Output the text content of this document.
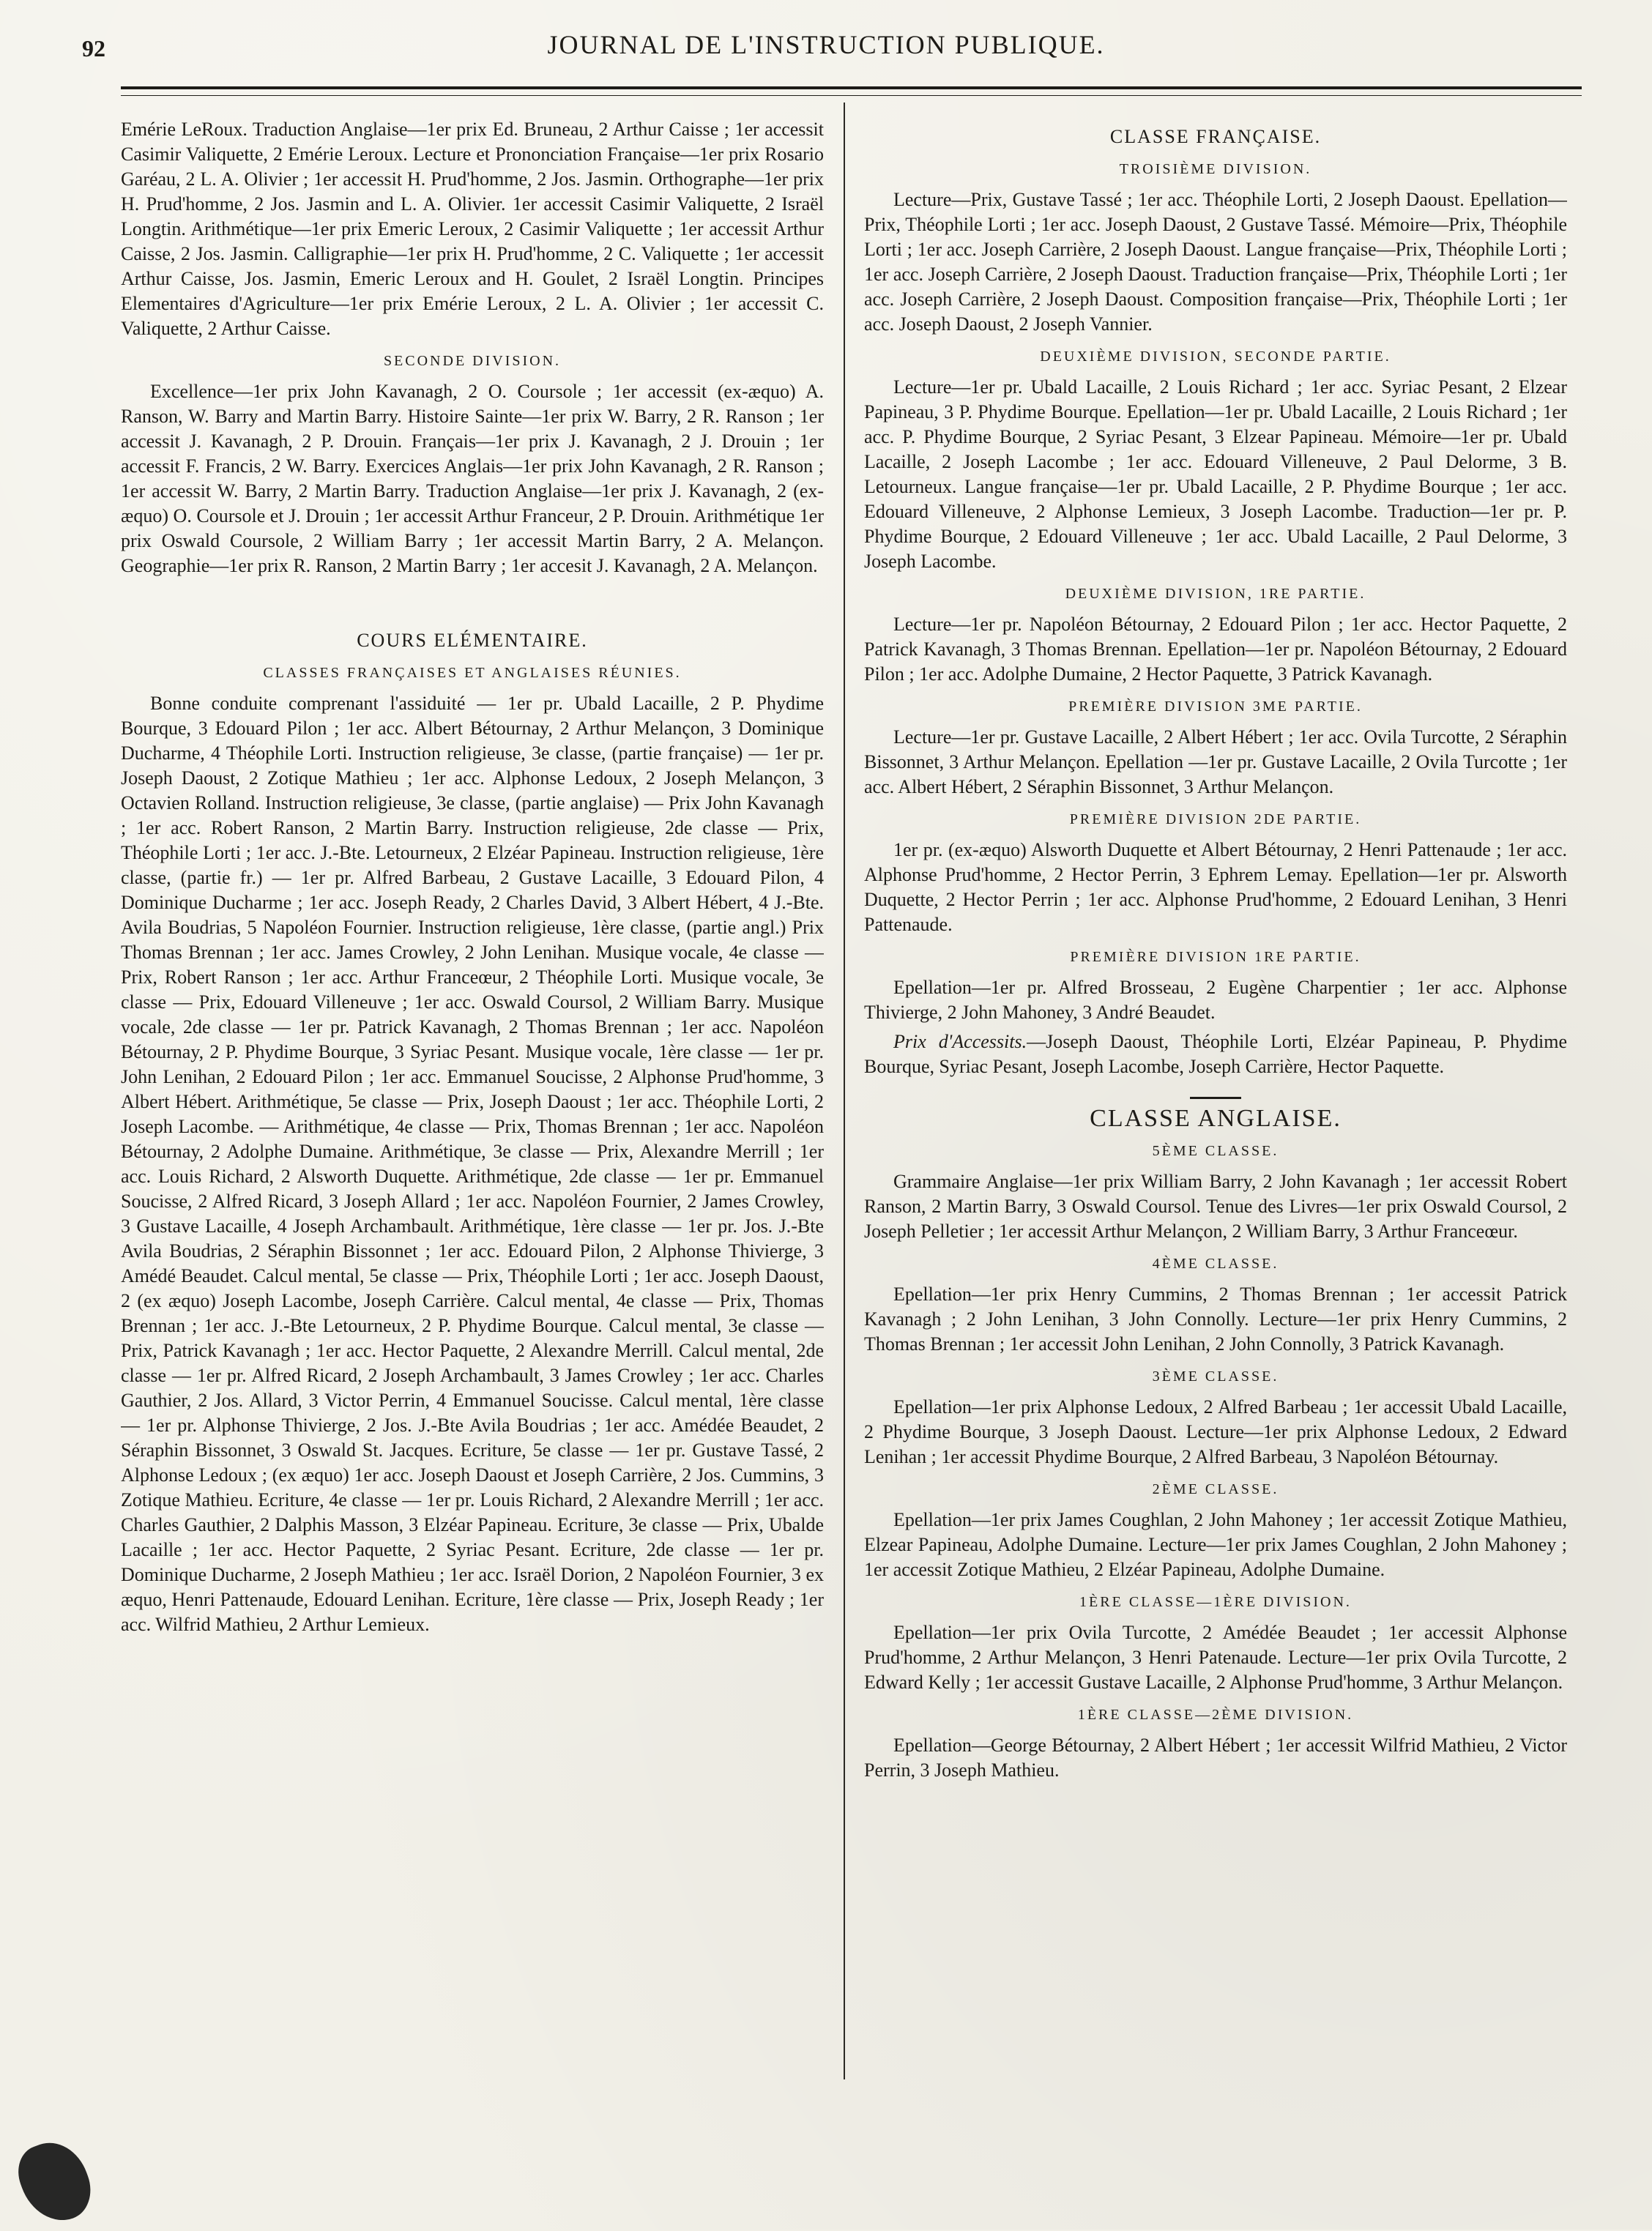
92	JOURNAL DE L'INSTRUCTION PUBLIQUE.

Emérie LeRoux. Traduction Anglaise—1er prix Ed. Bruneau, 2 Arthur Caisse ; 1er accessit Casimir Valiquette, 2 Emérie Leroux. Lecture et Prononciation Française—1er prix Rosario Garéau, 2 L. A. Olivier ; 1er accessit H. Prud'homme, 2 Jos. Jasmin. Orthographe—1er prix H. Prud'homme, 2 Jos. Jasmin and L. A. Olivier. 1er accessit Casimir Valiquette, 2 Israël Longtin. Arithmétique—1er prix Emeric Leroux, 2 Casimir Valiquette ; 1er accessit Arthur Caisse, 2 Jos. Jasmin. Calligraphie—1er prix H. Prud'homme, 2 C. Valiquette ; 1er accessit Arthur Caisse, Jos. Jasmin, Emeric Leroux and H. Goulet, 2 Israël Longtin. Principes Elementaires d'Agriculture—1er prix Emérie Leroux, 2 L. A. Olivier ; 1er accessit C. Valiquette, 2 Arthur Caisse.

SECONDE DIVISION.

Excellence—1er prix John Kavanagh, 2 O. Coursole ; 1er accessit (ex-æquo) A. Ranson, W. Barry and Martin Barry. Histoire Sainte—1er prix W. Barry, 2 R. Ranson ; 1er accessit J. Kavanagh, 2 P. Drouin. Français—1er prix J. Kavanagh, 2 J. Drouin ; 1er accessit F. Francis, 2 W. Barry. Exercices Anglais—1er prix John Kavanagh, 2 R. Ranson ; 1er accessit W. Barry, 2 Martin Barry. Traduction Anglaise—1er prix J. Kavanagh, 2 (ex-æquo) O. Coursole et J. Drouin ; 1er accessit Arthur Franceur, 2 P. Drouin. Arithmétique 1er prix Oswald Coursole, 2 William Barry ; 1er accessit Martin Barry, 2 A. Melançon. Geographie—1er prix R. Ranson, 2 Martin Barry ; 1er accesit J. Kavanagh, 2 A. Melançon.

COURS ELÉMENTAIRE.
CLASSES FRANÇAISES ET ANGLAISES RÉUNIES.

Bonne conduite comprenant l'assiduité — 1er pr. Ubald Lacaille, 2 P. Phydime Bourque, 3 Edouard Pilon ; 1er acc. Albert Bétournay, 2 Arthur Melançon, 3 Dominique Ducharme, 4 Théophile Lorti. Instruction religieuse, 3e classe, (partie française) — 1er pr. Joseph Daoust, 2 Zotique Mathieu ; 1er acc. Alphonse Ledoux, 2 Joseph Melançon, 3 Octavien Rolland. Instruction religieuse, 3e classe, (partie anglaise) — Prix John Kavanagh ; 1er acc. Robert Ranson, 2 Martin Barry. Instruction religieuse, 2de classe — Prix, Théophile Lorti ; 1er acc. J.-Bte. Letourneux, 2 Elzéar Papineau. Instruction religieuse, 1ère classe, (partie fr.) — 1er pr. Alfred Barbeau, 2 Gustave Lacaille, 3 Edouard Pilon, 4 Dominique Ducharme ; 1er acc. Joseph Ready, 2 Charles David, 3 Albert Hébert, 4 J.-Bte. Avila Boudrias, 5 Napoléon Fournier. Instruction religieuse, 1ère classe, (partie angl.) Prix Thomas Brennan ; 1er acc. James Crowley, 2 John Lenihan. Musique vocale, 4e classe — Prix, Robert Ranson ; 1er acc. Arthur Franceœur, 2 Théophile Lorti. Musique vocale, 3e classe — Prix, Edouard Villeneuve ; 1er acc. Oswald Coursol, 2 William Barry. Musique vocale, 2de classe — 1er pr. Patrick Kavanagh, 2 Thomas Brennan ; 1er acc. Napoléon Bétournay, 2 P. Phydime Bourque, 3 Syriac Pesant. Musique vocale, 1ère classe — 1er pr. John Lenihan, 2 Edouard Pilon ; 1er acc. Emmanuel Soucisse, 2 Alphonse Prud'homme, 3 Albert Hébert. Arithmétique, 5e classe — Prix, Joseph Daoust ; 1er acc. Théophile Lorti, 2 Joseph Lacombe. — Arithmétique, 4e classe — Prix, Thomas Brennan ; 1er acc. Napoléon Bétournay, 2 Adolphe Dumaine. Arithmétique, 3e classe — Prix, Alexandre Merrill ; 1er acc. Louis Richard, 2 Alsworth Duquette. Arithmétique, 2de classe — 1er pr. Emmanuel Soucisse, 2 Alfred Ricard, 3 Joseph Allard ; 1er acc. Napoléon Fournier, 2 James Crowley, 3 Gustave Lacaille, 4 Joseph Archambault. Arithmétique, 1ère classe — 1er pr. Jos. J.-Bte Avila Boudrias, 2 Séraphin Bissonnet ; 1er acc. Edouard Pilon, 2 Alphonse Thivierge, 3 Amédé Beaudet. Calcul mental, 5e classe — Prix, Théophile Lorti ; 1er acc. Joseph Daoust, 2 (ex æquo) Joseph Lacombe, Joseph Carrière. Calcul mental, 4e classe — Prix, Thomas Brennan ; 1er acc. J.-Bte Letourneux, 2 P. Phydime Bourque. Calcul mental, 3e classe — Prix, Patrick Kavanagh ; 1er acc. Hector Paquette, 2 Alexandre Merrill. Calcul mental, 2de classe — 1er pr. Alfred Ricard, 2 Joseph Archambault, 3 James Crowley ; 1er acc. Charles Gauthier, 2 Jos. Allard, 3 Victor Perrin, 4 Emmanuel Soucisse. Calcul mental, 1ère classe — 1er pr. Alphonse Thivierge, 2 Jos. J.-Bte Avila Boudrias ; 1er acc. Amédée Beaudet, 2 Séraphin Bissonnet, 3 Oswald St. Jacques. Ecriture, 5e classe — 1er pr. Gustave Tassé, 2 Alphonse Ledoux ; (ex æquo) 1er acc. Joseph Daoust et Joseph Carrière, 2 Jos. Cummins, 3 Zotique Mathieu. Ecriture, 4e classe — 1er pr. Louis Richard, 2 Alexandre Merrill ; 1er acc. Charles Gauthier, 2 Dalphis Masson, 3 Elzéar Papineau. Ecriture, 3e classe — Prix, Ubalde Lacaille ; 1er acc. Hector Paquette, 2 Syriac Pesant. Ecriture, 2de classe — 1er pr. Dominique Ducharme, 2 Joseph Mathieu ; 1er acc. Israël Dorion, 2 Napoléon Fournier, 3 ex æquo, Henri Pattenaude, Edouard Lenihan. Ecriture, 1ère classe — Prix, Joseph Ready ; 1er acc. Wilfrid Mathieu, 2 Arthur Lemieux.

CLASSE FRANÇAISE.
TROISIÈME DIVISION.

Lecture—Prix, Gustave Tassé ; 1er acc. Théophile Lorti, 2 Joseph Daoust. Epellation—Prix, Théophile Lorti ; 1er acc. Joseph Daoust, 2 Gustave Tassé. Mémoire—Prix, Théophile Lorti ; 1er acc. Joseph Carrière, 2 Joseph Daoust. Langue française—Prix, Théophile Lorti ; 1er acc. Joseph Carrière, 2 Joseph Daoust. Traduction française—Prix, Théophile Lorti ; 1er acc. Joseph Carrière, 2 Joseph Daoust. Composition française—Prix, Théophile Lorti ; 1er acc. Joseph Daoust, 2 Joseph Vannier.

DEUXIÈME DIVISION, SECONDE PARTIE.

Lecture—1er pr. Ubald Lacaille, 2 Louis Richard ; 1er acc. Syriac Pesant, 2 Elzear Papineau, 3 P. Phydime Bourque. Epellation—1er pr. Ubald Lacaille, 2 Louis Richard ; 1er acc. P. Phydime Bourque, 2 Syriac Pesant, 3 Elzear Papineau. Mémoire—1er pr. Ubald Lacaille, 2 Joseph Lacombe ; 1er acc. Edouard Villeneuve, 2 Paul Delorme, 3 B. Letourneux. Langue française—1er pr. Ubald Lacaille, 2 P. Phydime Bourque ; 1er acc. Edouard Villeneuve, 2 Alphonse Lemieux, 3 Joseph Lacombe. Traduction—1er pr. P. Phydime Bourque, 2 Edouard Villeneuve ; 1er acc. Ubald Lacaille, 2 Paul Delorme, 3 Joseph Lacombe.

DEUXIÈME DIVISION, 1RE PARTIE.

Lecture—1er pr. Napoléon Bétournay, 2 Edouard Pilon ; 1er acc. Hector Paquette, 2 Patrick Kavanagh, 3 Thomas Brennan. Epellation—1er pr. Napoléon Bétournay, 2 Edouard Pilon ; 1er acc. Adolphe Dumaine, 2 Hector Paquette, 3 Patrick Kavanagh.

PREMIÈRE DIVISION 3ME PARTIE.

Lecture—1er pr. Gustave Lacaille, 2 Albert Hébert ; 1er acc. Ovila Turcotte, 2 Séraphin Bissonnet, 3 Arthur Melançon. Epellation —1er pr. Gustave Lacaille, 2 Ovila Turcotte ; 1er acc. Albert Hébert, 2 Séraphin Bissonnet, 3 Arthur Melançon.

PREMIÈRE DIVISION 2DE PARTIE.

1er pr. (ex-æquo) Alsworth Duquette et Albert Bétournay, 2 Henri Pattenaude ; 1er acc. Alphonse Prud'homme, 2 Hector Perrin, 3 Ephrem Lemay. Epellation—1er pr. Alsworth Duquette, 2 Hector Perrin ; 1er acc. Alphonse Prud'homme, 2 Edouard Lenihan, 3 Henri Pattenaude.

PREMIÈRE DIVISION 1RE PARTIE.

Epellation—1er pr. Alfred Brosseau, 2 Eugène Charpentier ; 1er acc. Alphonse Thivierge, 2 John Mahoney, 3 André Beaudet.

Prix d'Accessits.—Joseph Daoust, Théophile Lorti, Elzéar Papineau, P. Phydime Bourque, Syriac Pesant, Joseph Lacombe, Joseph Carrière, Hector Paquette.

CLASSE ANGLAISE.
5ÈME CLASSE.

Grammaire Anglaise—1er prix William Barry, 2 John Kavanagh ; 1er accessit Robert Ranson, 2 Martin Barry, 3 Oswald Coursol. Tenue des Livres—1er prix Oswald Coursol, 2 Joseph Pelletier ; 1er accessit Arthur Melançon, 2 William Barry, 3 Arthur Franceœur.

4ÈME CLASSE.

Epellation—1er prix Henry Cummins, 2 Thomas Brennan ; 1er accessit Patrick Kavanagh ; 2 John Lenihan, 3 John Connolly. Lecture—1er prix Henry Cummins, 2 Thomas Brennan ; 1er accessit John Lenihan, 2 John Connolly, 3 Patrick Kavanagh.

3ÈME CLASSE.

Epellation—1er prix Alphonse Ledoux, 2 Alfred Barbeau ; 1er accessit Ubald Lacaille, 2 Phydime Bourque, 3 Joseph Daoust. Lecture—1er prix Alphonse Ledoux, 2 Edward Lenihan ; 1er accessit Phydime Bourque, 2 Alfred Barbeau, 3 Napoléon Bétournay.

2ÈME CLASSE.

Epellation—1er prix James Coughlan, 2 John Mahoney ; 1er accessit Zotique Mathieu, Elzear Papineau, Adolphe Dumaine. Lecture—1er prix James Coughlan, 2 John Mahoney ; 1er accessit Zotique Mathieu, 2 Elzéar Papineau, Adolphe Dumaine.

1ÈRE CLASSE—1ÈRE DIVISION.

Epellation—1er prix Ovila Turcotte, 2 Amédée Beaudet ; 1er accessit Alphonse Prud'homme, 2 Arthur Melançon, 3 Henri Patenaude. Lecture—1er prix Ovila Turcotte, 2 Edward Kelly ; 1er accessit Gustave Lacaille, 2 Alphonse Prud'homme, 3 Arthur Melançon.

1ÈRE CLASSE—2ÈME DIVISION.

Epellation—George Bétournay, 2 Albert Hébert ; 1er accessit Wilfrid Mathieu, 2 Victor Perrin, 3 Joseph Mathieu.
